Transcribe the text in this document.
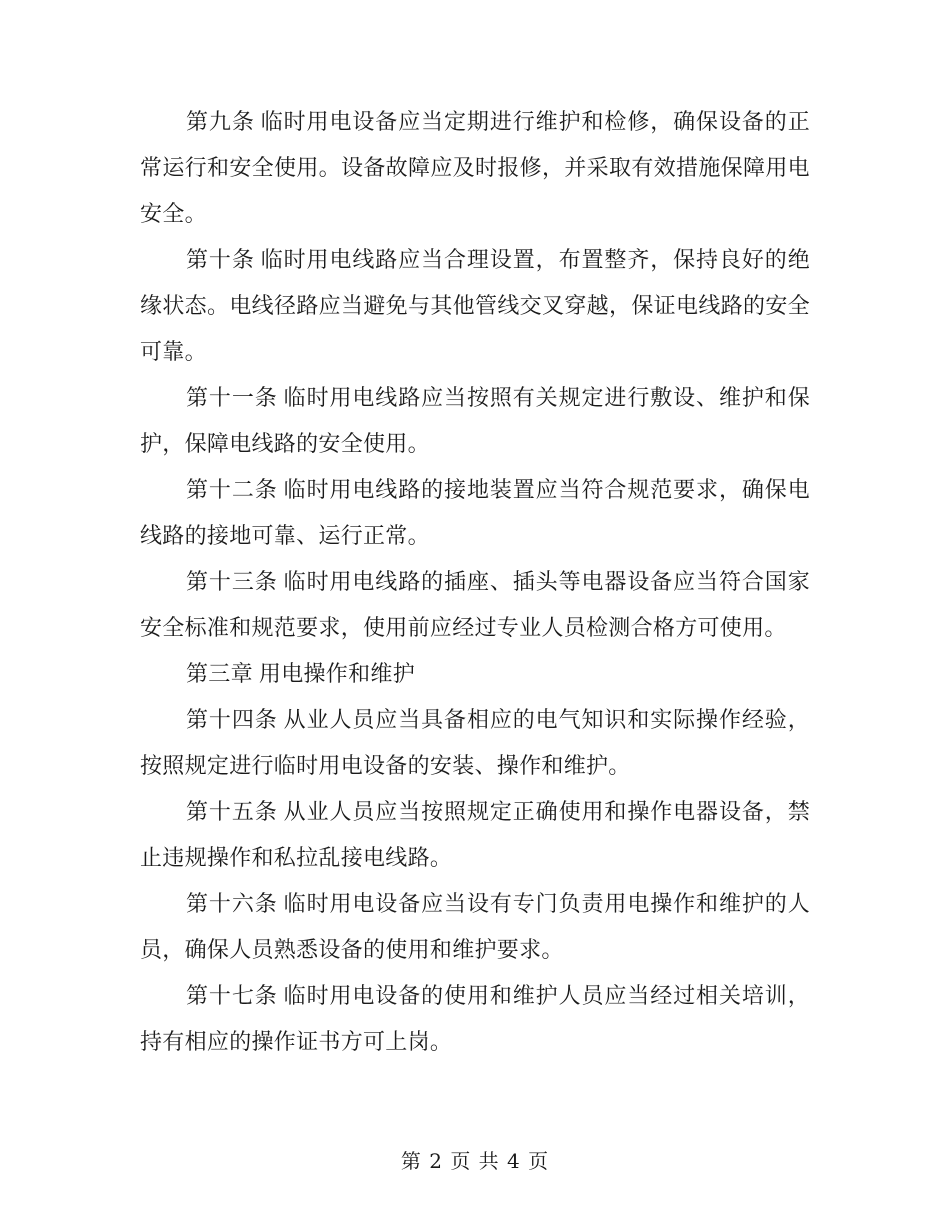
第九条 临时用电设备应当定期进行维护和检修，确保设备的正常运行和安全使用。设备故障应及时报修，并采取有效措施保障用电安全。

第十条 临时用电线路应当合理设置，布置整齐，保持良好的绝缘状态。电线径路应当避免与其他管线交叉穿越，保证电线路的安全可靠。

第十一条 临时用电线路应当按照有关规定进行敷设、维护和保护，保障电线路的安全使用。

第十二条 临时用电线路的接地装置应当符合规范要求，确保电线路的接地可靠、运行正常。

第十三条 临时用电线路的插座、插头等电器设备应当符合国家安全标准和规范要求，使用前应经过专业人员检测合格方可使用。

第三章 用电操作和维护

第十四条 从业人员应当具备相应的电气知识和实际操作经验，按照规定进行临时用电设备的安装、操作和维护。

第十五条 从业人员应当按照规定正确使用和操作电器设备，禁止违规操作和私拉乱接电线路。

第十六条 临时用电设备应当设有专门负责用电操作和维护的人员，确保人员熟悉设备的使用和维护要求。

第十七条 临时用电设备的使用和维护人员应当经过相关培训，持有相应的操作证书方可上岗。

第 2 页 共 4 页
